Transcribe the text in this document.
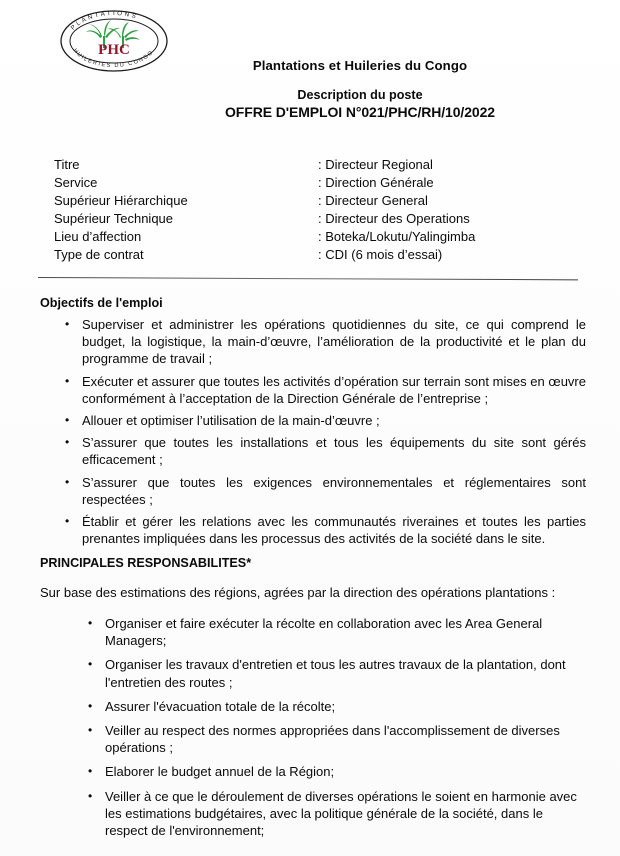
PLANTATIONS
HUILERIES DU CONGO
PHC
Plantations et Huileries du Congo
Description du poste
OFFRE D'EMPLOI N°021/PHC/RH/10/2022
Titre	: Directeur Regional
Service	: Direction Générale
Supérieur Hiérarchique	: Directeur General
Supérieur Technique	: Directeur des Operations
Lieu d’affection	: Boteka/Lokutu/Yalingimba
Type de contrat	: CDI (6 mois d’essai)
Objectifs de l'emploi
• Superviser et administrer les opérations quotidiennes du site, ce qui comprend le budget, la logistique, la main-d’œuvre, l’amélioration de la productivité et le plan du programme de travail ;
• Exécuter et assurer que toutes les activités d’opération sur terrain sont mises en œuvre conformément à l’acceptation de la Direction Générale de l’entreprise ;
• Allouer et optimiser l’utilisation de la main-d’œuvre ;
• S’assurer que toutes les installations et tous les équipements du site sont gérés efficacement ;
• S’assurer que toutes les exigences environnementales et réglementaires sont respectées ;
• Établir et gérer les relations avec les communautés riveraines et toutes les parties prenantes impliquées dans les processus des activités de la société dans le site.
PRINCIPALES RESPONSABILITES*

Sur base des estimations des régions, agrées par la direction des opérations plantations :

• Organiser et faire exécuter la récolte en collaboration avec les Area General Managers;
• Organiser les travaux d'entretien et tous les autres travaux de la plantation, dont l'entretien des routes ;
• Assurer l'évacuation totale de la récolte;
• Veiller au respect des normes appropriées dans l'accomplissement de diverses opérations ;
• Elaborer le budget annuel de la Région;
• Veiller à ce que le déroulement de diverses opérations le soient en harmonie avec les estimations budgétaires, avec la politique générale de la société, dans le respect de l'environnement;
